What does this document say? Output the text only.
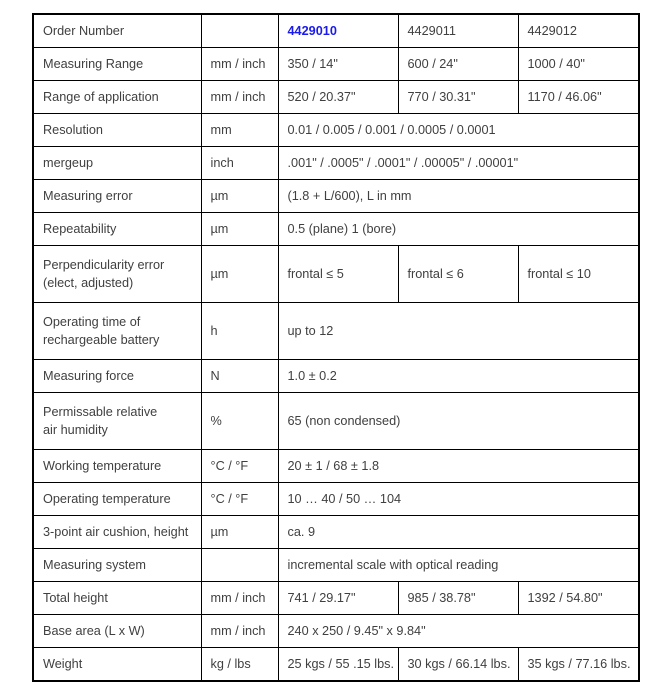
Order Number		4429010	4429011	4429012
Measuring Range	mm / inch	350 / 14"	600 / 24"	1000 / 40"
Range of application	mm / inch	520 / 20.37"	770 / 30.31"	1170 / 46.06"
Resolution	mm	0.01 / 0.005 / 0.001 / 0.0005 / 0.0001		
mergeup	inch	.001" / .0005" / .0001" / .00005" / .00001"		
Measuring error	µm	(1.8 + L/600), L in mm		
Repeatability	µm	0.5 (plane) 1 (bore)		
Perpendicularity error
(elect, adjusted)	µm	frontal ≤ 5	frontal ≤ 6	frontal ≤ 10
Operating time of
rechargeable battery	h	up to 12		
Measuring force	N	1.0 ± 0.2		
Permissable relative
air humidity	%	65 (non condensed)		
Working temperature	°C / °F	20 ± 1 / 68 ± 1.8		
Operating temperature	°C / °F	10 … 40 / 50 … 104		
3-point air cushion, height	µm	ca. 9		
Measuring system		incremental scale with optical reading		
Total height	mm / inch	741 / 29.17"	985 / 38.78"	1392 / 54.80"
Base area (L x W)	mm / inch	240 x 250 / 9.45" x 9.84"		
Weight	kg / lbs	25 kgs / 55 .15 lbs.	30 kgs / 66.14 lbs.	35 kgs / 77.16 lbs.
